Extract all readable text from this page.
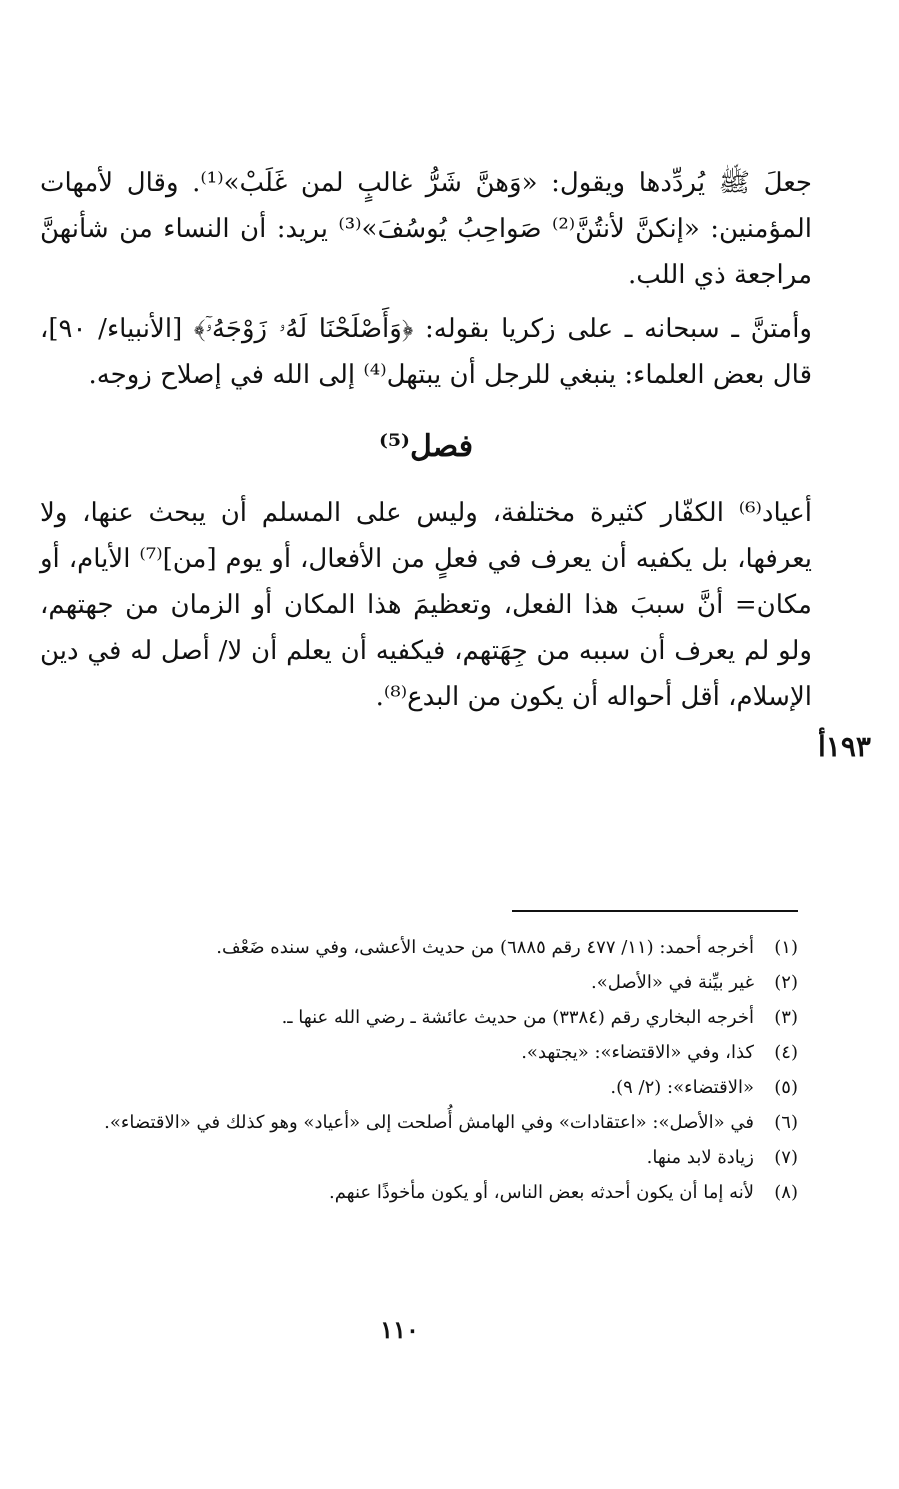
جعلَ ﷺ يُردِّدها ويقول: «وَهنَّ شَرُّ غالبٍ لمن غَلَبْ»⁽¹⁾. وقال لأمهات المؤمنين: «إنكنَّ لأنتُنَّ⁽²⁾ صَواحِبُ يُوسُفَ»⁽³⁾ يريد: أن النساء من شأنهنَّ مراجعة ذي اللب.

وأمتنَّ ـ سبحانه ـ على زكريا بقوله: ﴿وَأَصْلَحْنَا لَهُۥ زَوْجَهُۥٓ﴾ [الأنبياء/ ٩٠]، قال بعض العلماء: ينبغي للرجل أن يبتهل⁽⁴⁾ إلى الله في إصلاح زوجه.

فصل⁽⁵⁾

أعياد⁽⁶⁾ الكفّار كثيرة مختلفة، وليس على المسلم أن يبحث عنها، ولا يعرفها، بل يكفيه أن يعرف في فعلٍ من الأفعال، أو يوم [من]⁽⁷⁾ الأيام، أو مكان= أنَّ سببَ هذا الفعل، وتعظيمَ هذا المكان أو الزمان من جهتهم، ولو لم يعرف أن سببه من جِهَتهم، فيكفيه أن يعلم أن لا/ أصل له في دين الإسلام، أقل أحواله أن يكون من البدع⁽⁸⁾.

١٩٣أ
(١)
أخرجه أحمد: (١١/ ٤٧٧ رقم ٦٨٨٥) من حديث الأعشى، وفي سنده ضَعْف.
(٢)
غير بيِّنة في «الأصل».
(٣)
أخرجه البخاري رقم (٣٣٨٤) من حديث عائشة ـ رضي الله عنها ـ.
(٤)
كذا، وفي «الاقتضاء»: «يجتهد».
(٥)
«الاقتضاء»: (٢/ ٩).
(٦)
في «الأصل»: «اعتقادات» وفي الهامش أُصلحت إلى «أعياد» وهو كذلك في «الاقتضاء».
(٧)
زيادة لابد منها.
(٨)
لأنه إما أن يكون أحدثه بعض الناس، أو يكون مأخوذًا عنهم.
١١٠
